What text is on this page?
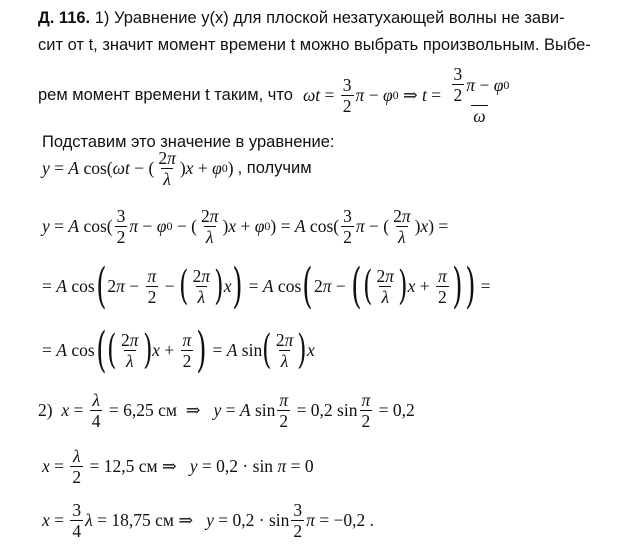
Д. 116. 1) Уравнение y(x) для плоской незатухающей волны не зави-
сит от t, значит момент времени t можно выбрать произвольным. Выбе-
рем момент времени t таким, что $\omega t = \frac{3}{2}$ π − φ 0 ⇒ $t = \frac{\frac{3}{2} \pi - \varphi 0}{\omega}$
Подставим это значение в уравнение:
y = A cos( ωt − ( $\frac{2\pi}{\lambda}$ ) x + φ 0 ) , получим
y = A $\cos( \frac{3}{2}$ π − φ 0 − ( $\frac{2\pi}{\lambda}$ ) x + φ 0 ) = A $\cos( \frac{3}{2}$ π − ( $\frac{2\pi}{\lambda}$ ) x ) =
= A cos ( 2 $\pi - \frac{\pi}{2}$ − ( $\frac{2\pi}{\lambda}$ ) x ) = A cos ( 2 π − ( ( $\frac{2\pi}{\lambda}$ ) $x + \frac{\pi}{2}$ ) ) =
= A cos ( ( $\frac{2\pi}{\lambda}$ ) $x + \frac{\pi}{2}$ ) = A sin ( $\frac{2\pi}{\lambda}$ ) x
2)
$x = \frac{\lambda}{4} = 6,25$ см  ⇒ y = A $\sin \frac{\pi}{2} = 0,2$ $\sin \frac{\pi}{2} = 0,2$
$x = \frac{\lambda}{2} = 12,5$ см ⇒ y = 0,2 · sin π = 0
$x = \frac{3}{4}$ λ = 18,75 см ⇒ $y = 0,2 \cdot \sin \frac{3}{2}$ π = −0,2 .
